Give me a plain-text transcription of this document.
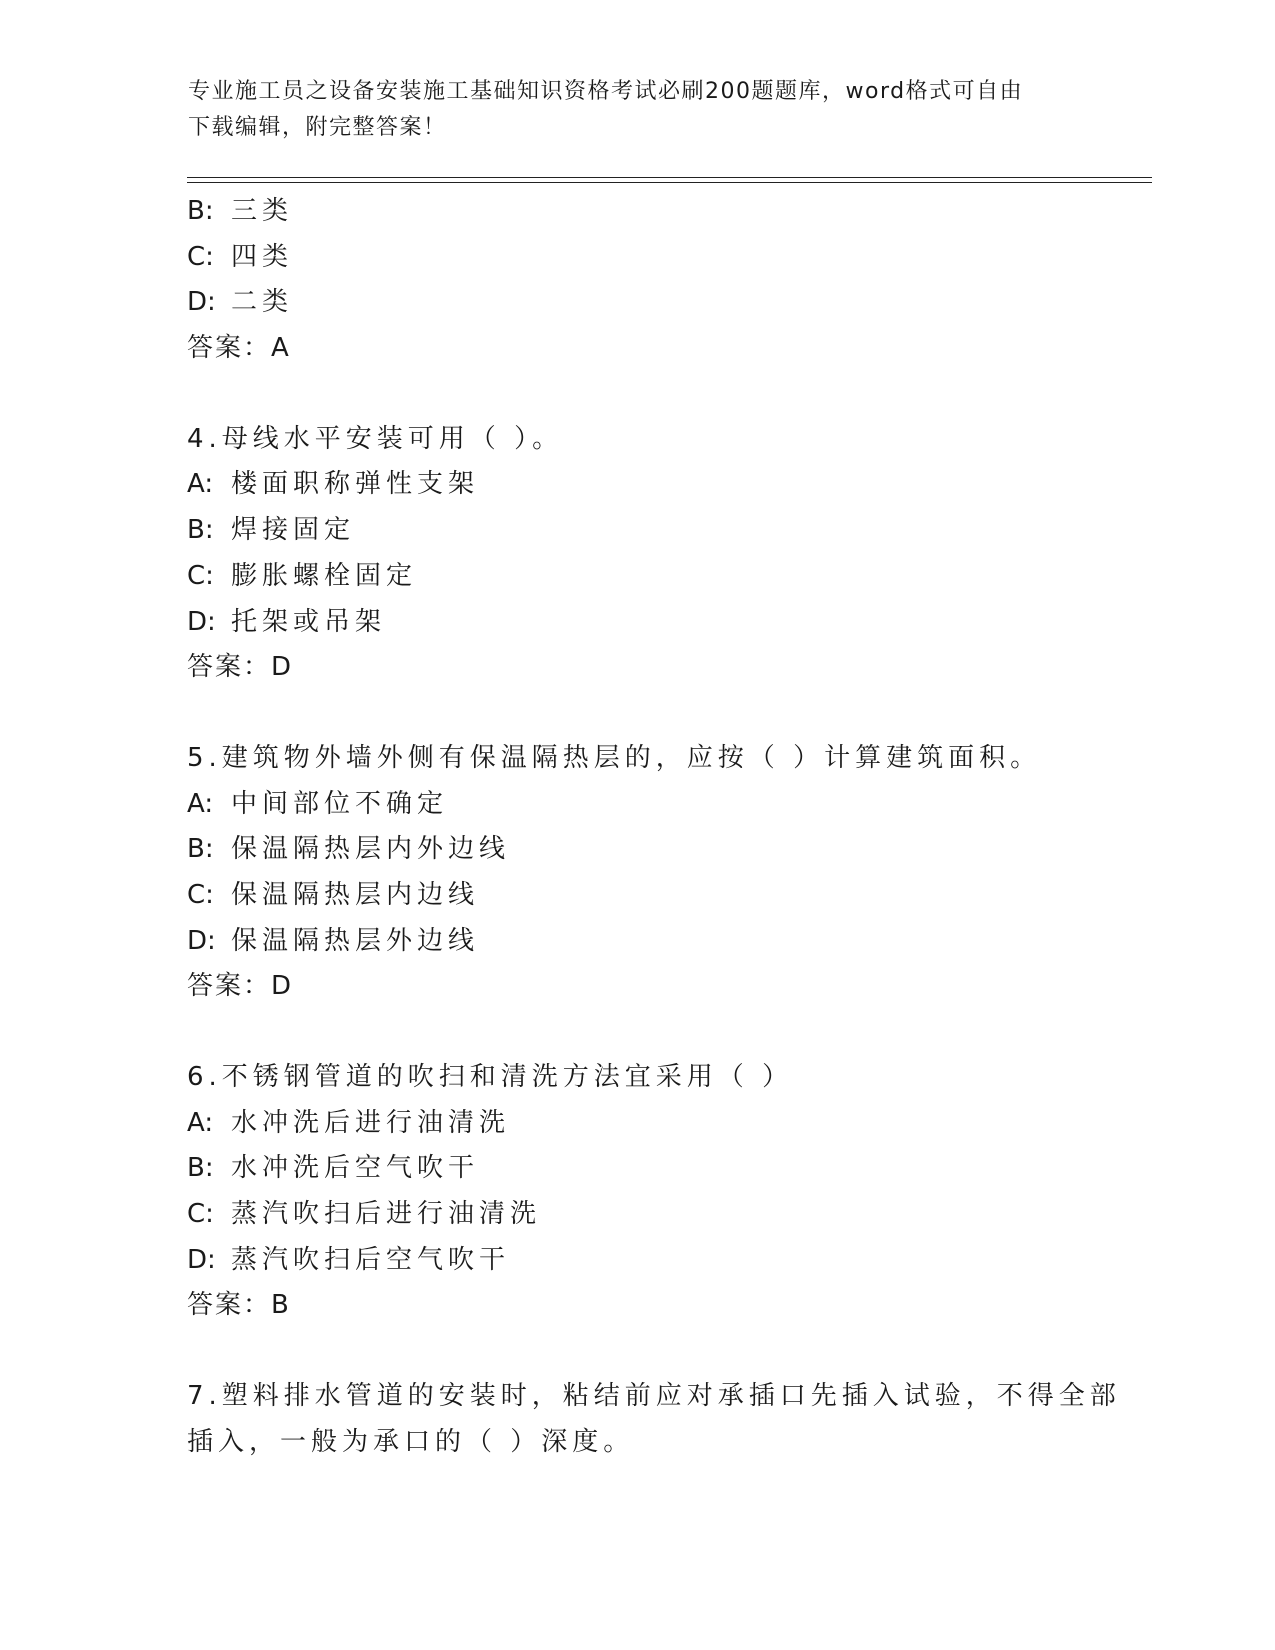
专业施工员之设备安装施工基础知识资格考试必刷200题题库，word格式可自由
下载编辑，附完整答案！
B: 三类
C: 四类
D: 二类
答案：A
4.母线水平安装可用（ ）。
A: 楼面职称弹性支架
B: 焊接固定
C: 膨胀螺栓固定
D: 托架或吊架
答案：D
5.建筑物外墙外侧有保温隔热层的，应按（ ）计算建筑面积。
A: 中间部位不确定
B: 保温隔热层内外边线
C: 保温隔热层内边线
D: 保温隔热层外边线
答案：D
6.不锈钢管道的吹扫和清洗方法宜采用（ ）
A: 水冲洗后进行油清洗
B: 水冲洗后空气吹干
C: 蒸汽吹扫后进行油清洗
D: 蒸汽吹扫后空气吹干
答案：B
7.塑料排水管道的安装时，粘结前应对承插口先插入试验，不得全部
插入，一般为承口的（ ）深度。
